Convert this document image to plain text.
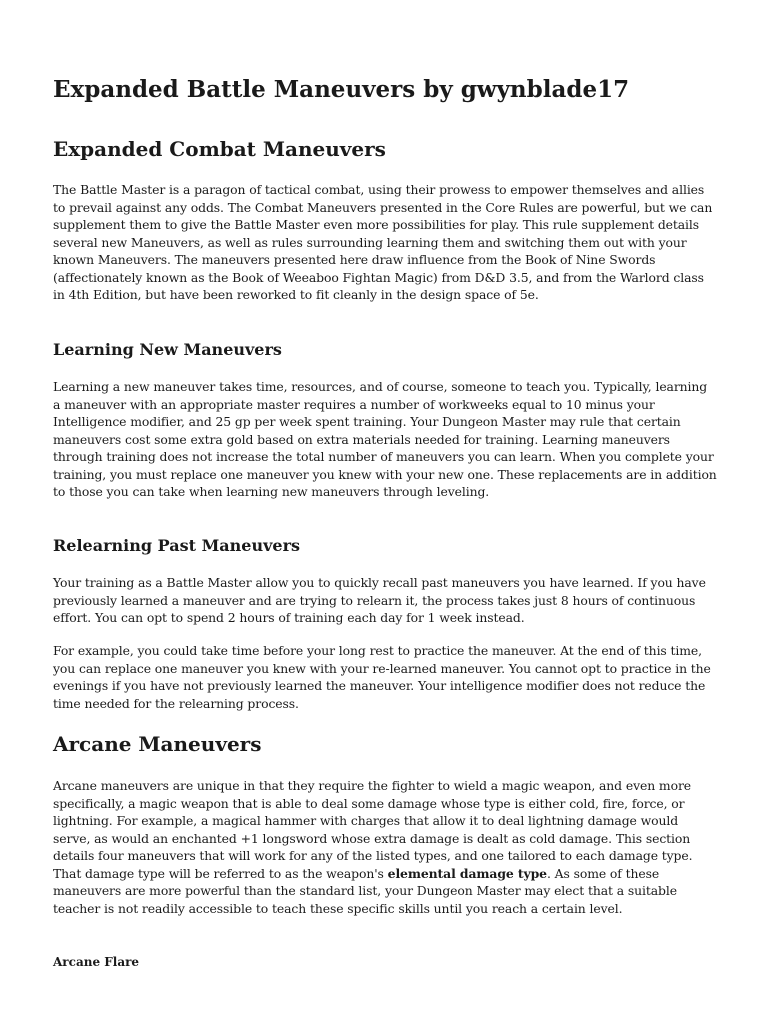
Expanded Battle Maneuvers by gwynblade17
Expanded Combat Maneuvers

The Battle Master is a paragon of tactical combat, using their prowess to empower themselves and allies to prevail against any odds. The Combat Maneuvers presented in the Core Rules are powerful, but we can supplement them to give the Battle Master even more possibilities for play. This rule supplement details several new Maneuvers, as well as rules surrounding learning them and switching them out with your known Maneuvers. The maneuvers presented here draw influence from the Book of Nine Swords (affectionately known as the Book of Weeaboo Fightan Magic) from D&D 3.5, and from the Warlord class in 4th Edition, but have been reworked to fit cleanly in the design space of 5e.

Learning New Maneuvers

Learning a new maneuver takes time, resources, and of course, someone to teach you. Typically, learning a maneuver with an appropriate master requires a number of workweeks equal to 10 minus your Intelligence modifier, and 25 gp per week spent training. Your Dungeon Master may rule that certain maneuvers cost some extra gold based on extra materials needed for training. Learning maneuvers through training does not increase the total number of maneuvers you can learn. When you complete your training, you must replace one maneuver you knew with your new one. These replacements are in addition to those you can take when learning new maneuvers through leveling.

Relearning Past Maneuvers

Your training as a Battle Master allow you to quickly recall past maneuvers you have learned. If you have previously learned a maneuver and are trying to relearn it, the process takes just 8 hours of continuous effort. You can opt to spend 2 hours of training each day for 1 week instead.

For example, you could take time before your long rest to practice the maneuver. At the end of this time, you can replace one maneuver you knew with your re-learned maneuver. You cannot opt to practice in the evenings if you have not previously learned the maneuver. Your intelligence modifier does not reduce the time needed for the relearning process.

Arcane Maneuvers

Arcane maneuvers are unique in that they require the fighter to wield a magic weapon, and even more specifically, a magic weapon that is able to deal some damage whose type is either cold, fire, force, or lightning. For example, a magical hammer with charges that allow it to deal lightning damage would serve, as would an enchanted +1 longsword whose extra damage is dealt as cold damage. This section details four maneuvers that will work for any of the listed types, and one tailored to each damage type. That damage type will be referred to as the weapon's elemental damage type. As some of these maneuvers are more powerful than the standard list, your Dungeon Master may elect that a suitable teacher is not readily accessible to teach these specific skills until you reach a certain level.

Arcane Flare
